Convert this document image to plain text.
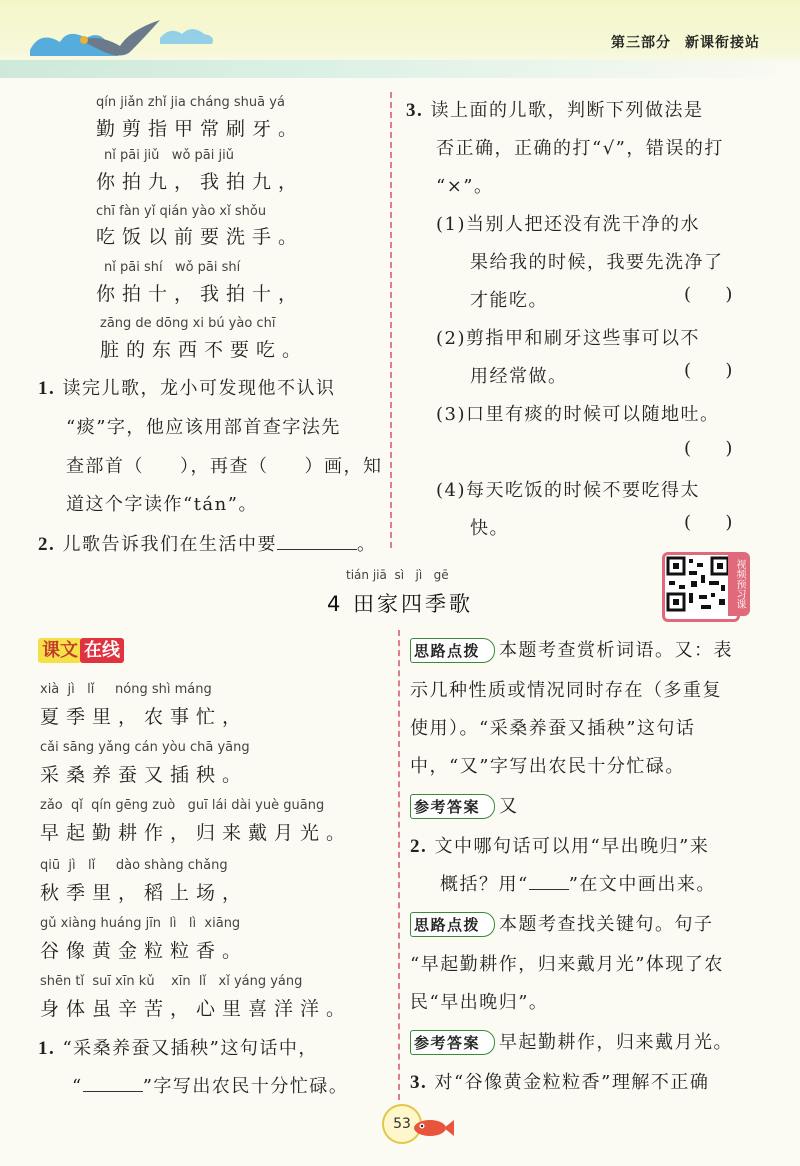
第三部分 新课衔接站
qín jiǎn zhǐ jia cháng shuā yá
勤剪指甲常刷牙。
nǐ pāi jiǔ   wǒ pāi jiǔ
你拍九，我拍九，
chī fàn yǐ qián yào xǐ shǒu
吃饭以前要洗手。
nǐ pāi shí   wǒ pāi shí
你拍十，我拍十，
zāng de dōng xi bú yào chī
脏的东西不要吃。
1. 读完儿歌，龙小可发现他不认识
“痰”字，他应该用部首查字法先
查部首（ ），再查（ ）画，知
道这个字读作“tán”。
2. 儿歌告诉我们在生活中要	。
3. 读上面的儿歌，判断下列做法是
否正确，正确的打“√”，错误的打
“×”。
(1)当别人把还没有洗干净的水
果给我的时候，我要先洗净了
才能吃。	(      )
(2)剪指甲和刷牙这些事可以不
用经常做。	(      )
(3)口里有痰的时候可以随地吐。
(      )
(4)每天吃饭的时候不要吃得太
快。	(      )
tián jiā  sì   jì   gē
4 田家四季歌	视频预习课
课文 在线
xià  jì   lǐ     nóng shì máng
夏季里，农事忙，
cǎi sāng yǎng cán yòu chā yāng
采桑养蚕又插秧。
zǎo  qǐ  qín gēng zuò   guī lái dài yuè guāng
早起勤耕作，归来戴月光。
qiū  jì   lǐ     dào shàng chǎng
秋季里，稻上场，
gǔ xiàng huáng jīn  lì   lì  xiāng
谷像黄金粒粒香。
shēn tǐ  suī xīn kǔ    xīn  lǐ   xǐ yáng yáng
身体虽辛苦，心里喜洋洋。
1. “采桑养蚕又插秧”这句话中，
“	”字写出农民十分忙碌。
思路点拨 本题考查赏析词语。又：表
示几种性质或情况同时存在（多重复
使用）。“采桑养蚕又插秧”这句话
中，“又”字写出农民十分忙碌。
参考答案 又
2. 文中哪句话可以用“早出晚归”来
概括？用“ ”在文中画出来。
思路点拨 本题考查找关键句。句子
“早起勤耕作，归来戴月光”体现了农
民“早出晚归”。
参考答案 早起勤耕作，归来戴月光。
3. 对“谷像黄金粒粒香”理解不正确
53
